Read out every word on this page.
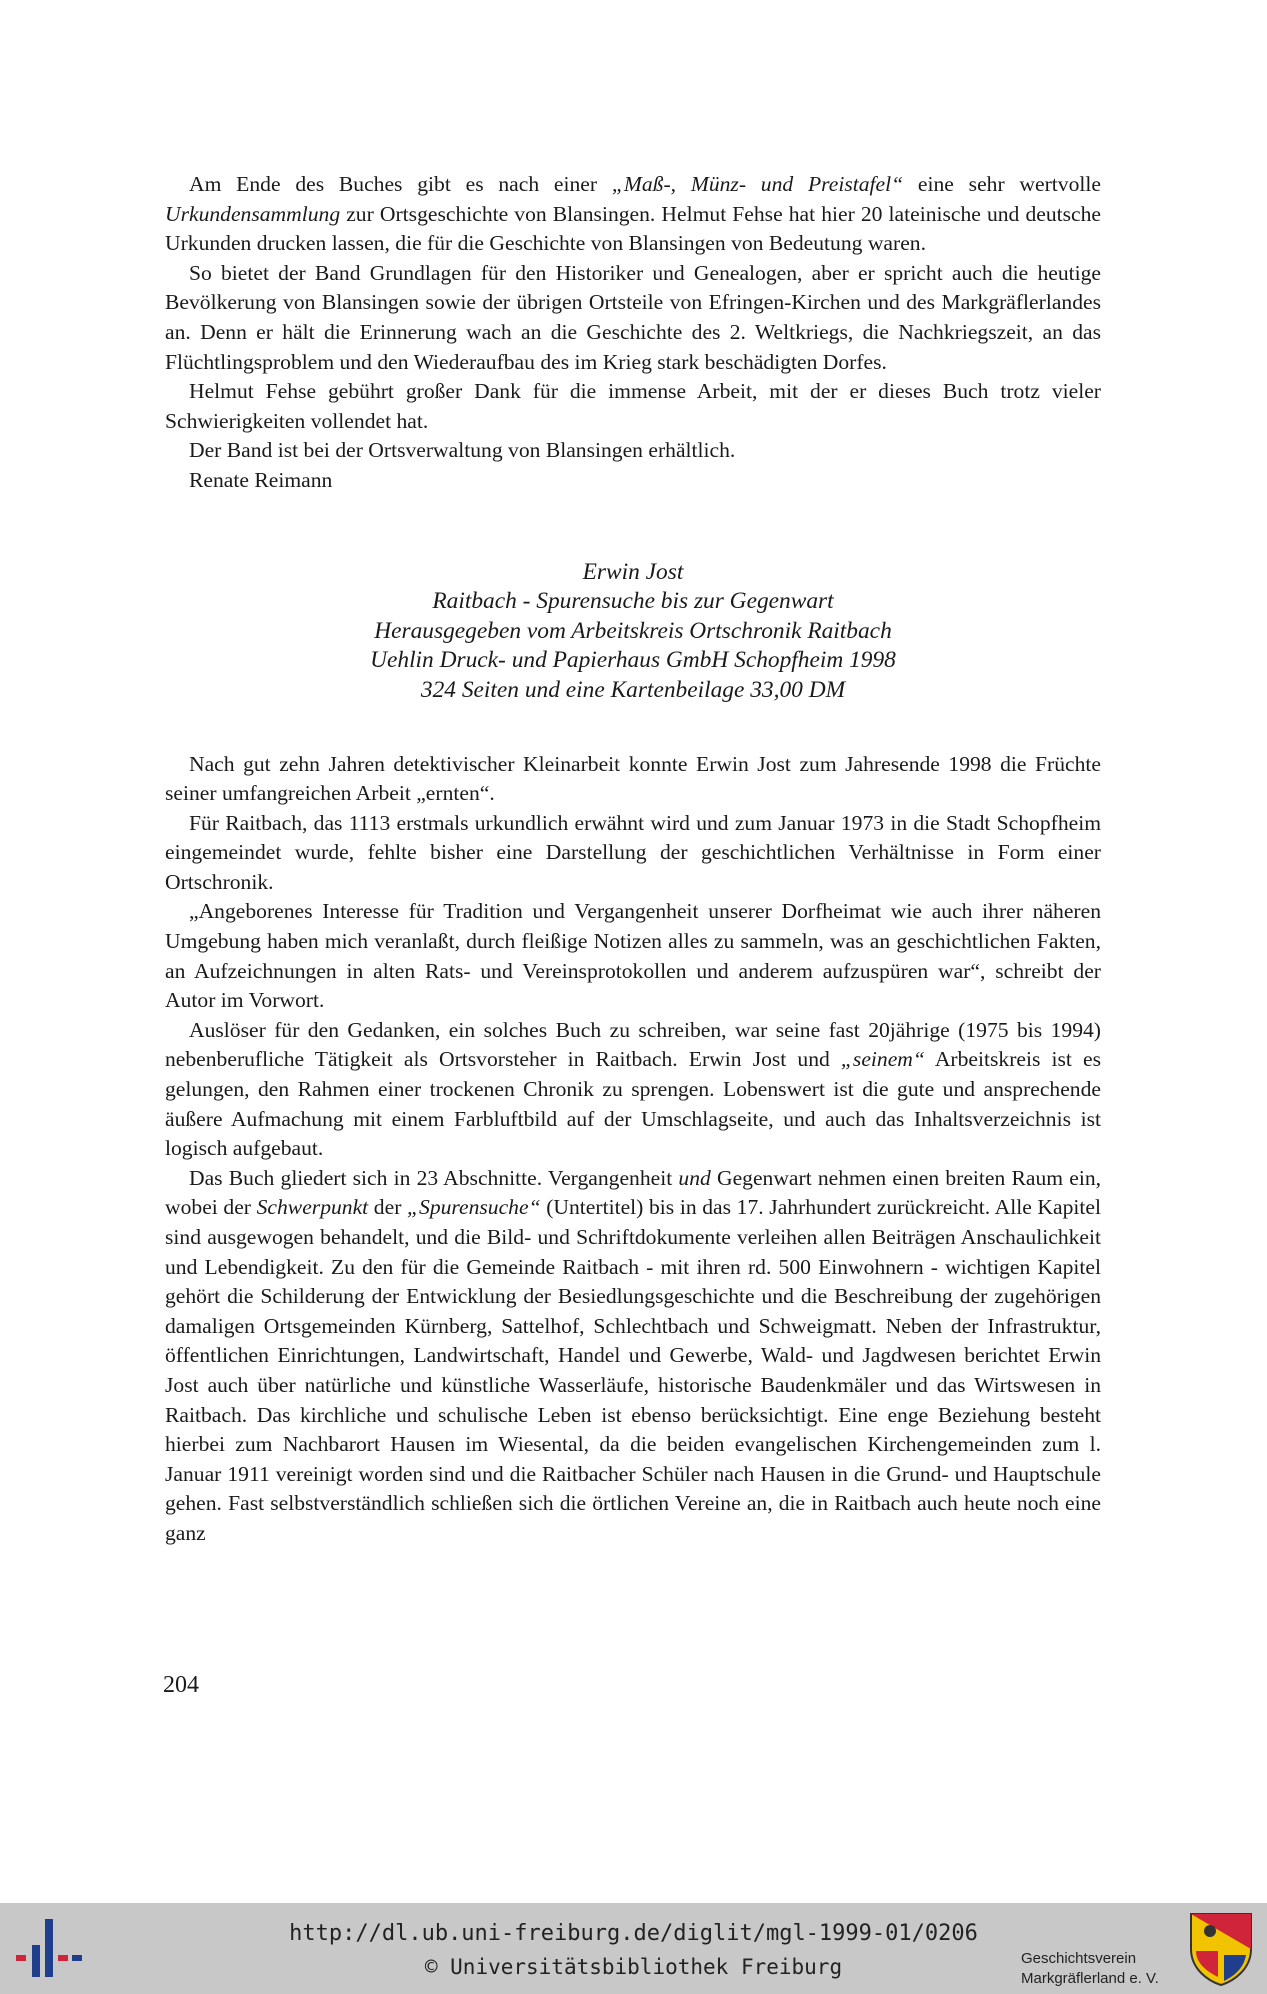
Am Ende des Buches gibt es nach einer „Maß-, Münz- und Preistafel“ eine sehr wertvolle Urkundensammlung zur Ortsgeschichte von Blansingen. Helmut Fehse hat hier 20 lateinische und deutsche Urkunden drucken lassen, die für die Geschichte von Blansingen von Bedeutung waren.

So bietet der Band Grundlagen für den Historiker und Genealogen, aber er spricht auch die heutige Bevölkerung von Blansingen sowie der übrigen Ortsteile von Efringen-Kirchen und des Markgräflerlandes an. Denn er hält die Erinnerung wach an die Geschichte des 2. Weltkriegs, die Nachkriegszeit, an das Flüchtlingsproblem und den Wiederaufbau des im Krieg stark beschädigten Dorfes.

Helmut Fehse gebührt großer Dank für die immense Arbeit, mit der er dieses Buch trotz vieler Schwierigkeiten vollendet hat.

Der Band ist bei der Ortsverwaltung von Blansingen erhältlich.

Renate Reimann

Erwin Jost
Raitbach - Spurensuche bis zur Gegenwart
Herausgegeben vom Arbeitskreis Ortschronik Raitbach
Uehlin Druck- und Papierhaus GmbH Schopfheim 1998
324 Seiten und eine Kartenbeilage 33,00 DM

Nach gut zehn Jahren detektivischer Kleinarbeit konnte Erwin Jost zum Jahresende 1998 die Früchte seiner umfangreichen Arbeit „ernten“.

Für Raitbach, das 1113 erstmals urkundlich erwähnt wird und zum Januar 1973 in die Stadt Schopfheim eingemeindet wurde, fehlte bisher eine Darstellung der geschichtlichen Verhältnisse in Form einer Ortschronik.

„Angeborenes Interesse für Tradition und Vergangenheit unserer Dorfheimat wie auch ihrer näheren Umgebung haben mich veranlaßt, durch fleißige Notizen alles zu sammeln, was an geschichtlichen Fakten, an Aufzeichnungen in alten Rats- und Vereinsprotokollen und anderem aufzuspüren war“, schreibt der Autor im Vorwort.

Auslöser für den Gedanken, ein solches Buch zu schreiben, war seine fast 20jährige (1975 bis 1994) nebenberufliche Tätigkeit als Ortsvorsteher in Raitbach. Erwin Jost und „seinem“ Arbeitskreis ist es gelungen, den Rahmen einer trockenen Chronik zu sprengen. Lobenswert ist die gute und ansprechende äußere Aufmachung mit einem Farbluftbild auf der Umschlagseite, und auch das Inhaltsverzeichnis ist logisch aufgebaut.

Das Buch gliedert sich in 23 Abschnitte. Vergangenheit und Gegenwart nehmen einen breiten Raum ein, wobei der Schwerpunkt der „Spurensuche“ (Untertitel) bis in das 17. Jahrhundert zurückreicht. Alle Kapitel sind ausgewogen behandelt, und die Bild- und Schriftdokumente verleihen allen Beiträgen Anschaulichkeit und Lebendigkeit. Zu den für die Gemeinde Raitbach - mit ihren rd. 500 Einwohnern - wichtigen Kapitel gehört die Schilderung der Entwicklung der Besiedlungsgeschichte und die Beschreibung der zugehörigen damaligen Ortsgemeinden Kürnberg, Sattelhof, Schlechtbach und Schweigmatt. Neben der Infrastruktur, öffentlichen Einrichtungen, Landwirtschaft, Handel und Gewerbe, Wald- und Jagdwesen berichtet Erwin Jost auch über natürliche und künstliche Wasserläufe, historische Baudenkmäler und das Wirtswesen in Raitbach. Das kirchliche und schulische Leben ist ebenso berücksichtigt. Eine enge Beziehung besteht hierbei zum Nachbarort Hausen im Wiesental, da die beiden evangelischen Kirchengemeinden zum l. Januar 1911 vereinigt worden sind und die Raitbacher Schüler nach Hausen in die Grund- und Hauptschule gehen. Fast selbstverständlich schließen sich die örtlichen Vereine an, die in Raitbach auch heute noch eine ganz

204
http://dl.ub.uni-freiburg.de/diglit/mgl-1999-01/0206
© Universitätsbibliothek Freiburg	Geschichtsverein
Markgräflerland e. V.
